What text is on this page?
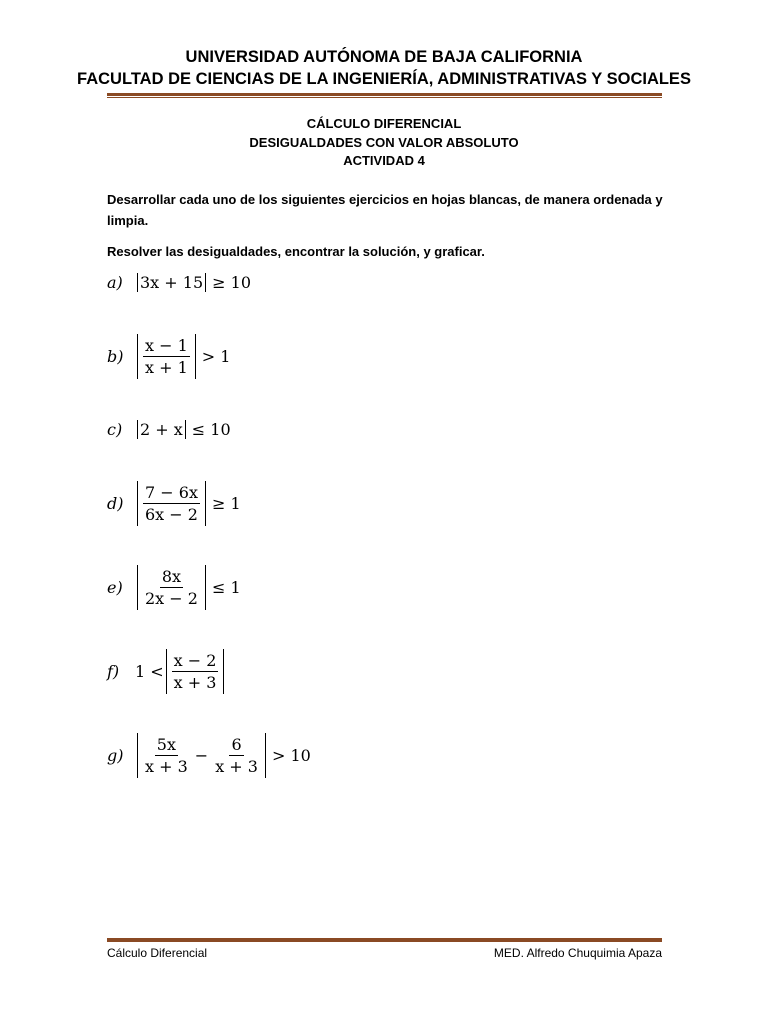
UNIVERSIDAD AUTÓNOMA DE BAJA CALIFORNIA
FACULTAD DE CIENCIAS DE LA INGENIERÍA, ADMINISTRATIVAS Y SOCIALES
CÁLCULO DIFERENCIAL
DESIGUALDADES CON VALOR ABSOLUTO
ACTIVIDAD 4
Desarrollar cada uno de los siguientes ejercicios en hojas blancas, de manera ordenada y limpia.
Resolver las desigualdades, encontrar la solución, y graficar.
a) 3x + 15 ≥ 10
$b) \frac{x - 1}{x + 1} > 1$
c) 2 + x ≤ 10
$d) \frac{7 - 6x}{6x - 2} \ge 1$
$e) \frac{8x}{2x - 2} \le 1$
f) $1 < \frac{x - 2}{x + 3}$
$g) \frac{5x}{x + 3} - \frac{6}{x + 3} > 10$
Cálculo Diferencial	MED. Alfredo Chuquimia Apaza
